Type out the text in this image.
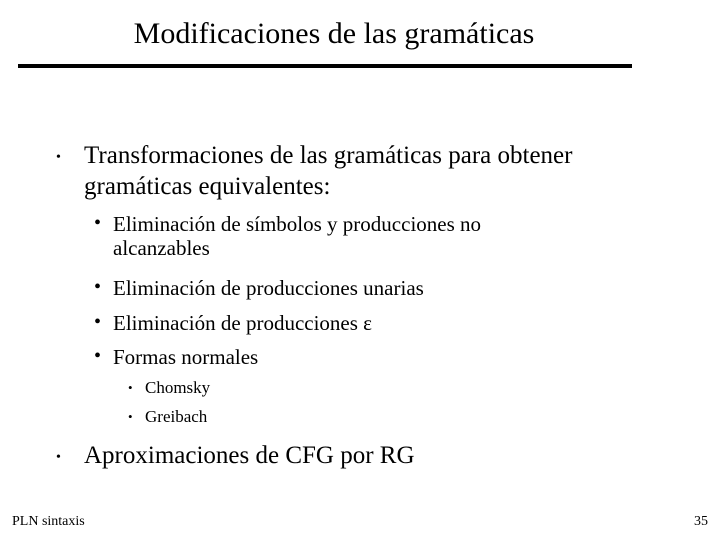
Modificaciones de las gramáticas
• Transformaciones de las gramáticas para obtener gramáticas equivalentes:
• Eliminación de símbolos y producciones no alcanzables
• Eliminación de producciones unarias
• Eliminación de producciones ε
• Formas normales
• Chomsky
• Greibach
• Aproximaciones de CFG por RG
PLN sintaxis	35
